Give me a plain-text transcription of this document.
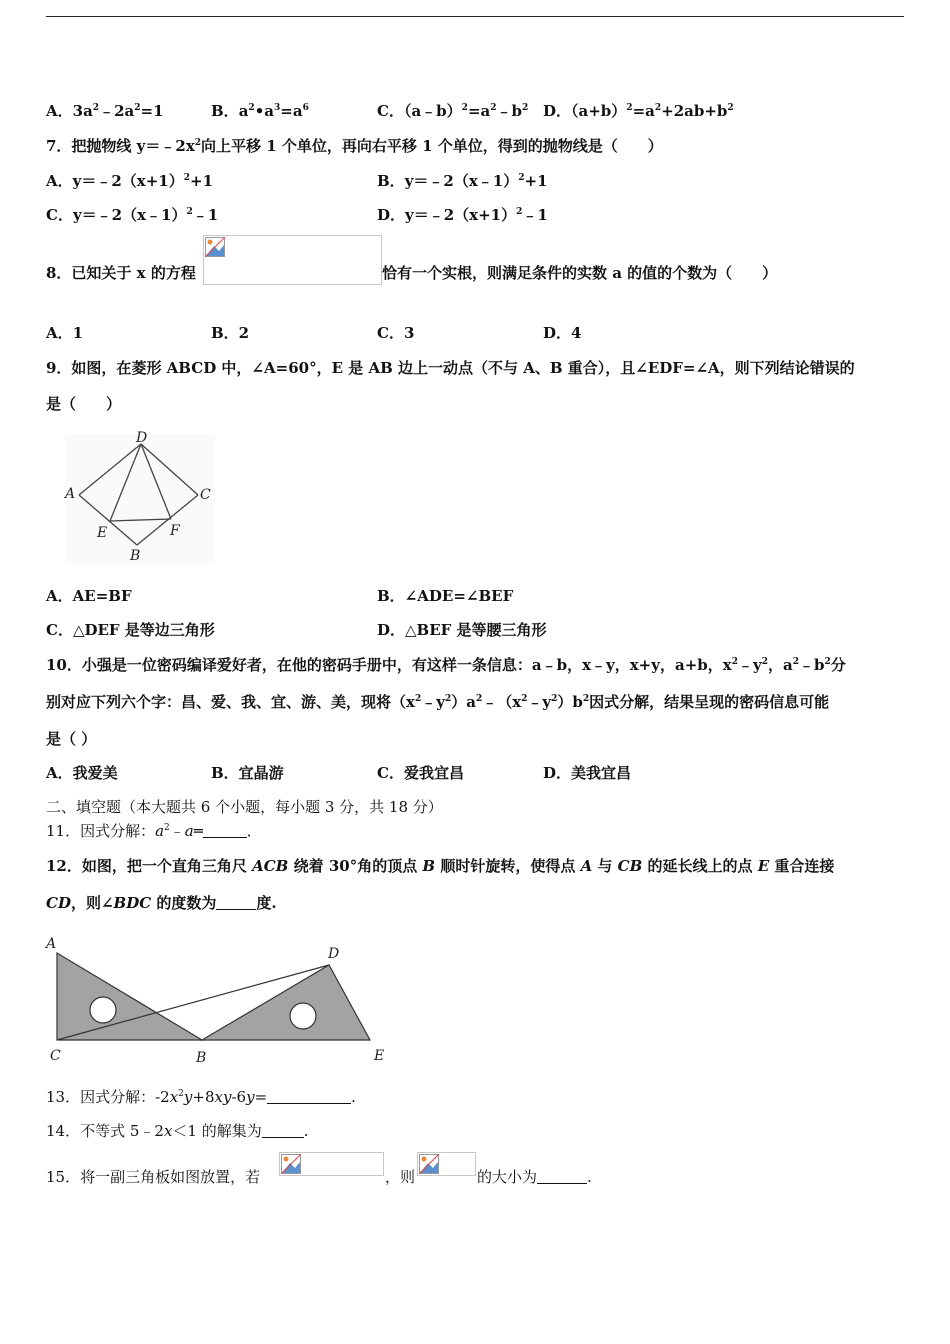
A．$3a^2﹣2a^2=1$	B．$a^2•a^3=a^6$	C．$(a﹣b)^2=a^2﹣b^2$ D．$(a+b)^2=a^2+2ab+b^2$
7．把抛物线 $y=﹣2x^2$向上平移 1 个单位，再向右平移 1 个单位，得到的抛物线是（　　）
A．$y=﹣2(x+1)^2+1$	B．y＝﹣2（x﹣1）$^2$+1
C．y＝﹣2（x﹣1）$^2$﹣1	D．$y=﹣2(x+1)^2﹣1$
8．已知关于 x 的方程	恰有一个实根，则满足条件的实数 a 的值的个数为（　　）
A．1	B．2	C．3	D．4
9．如图，在菱形 ABCD 中，∠A=60°，E 是 AB 边上一动点（不与 A、B 重合），且∠EDF=∠A，则下列结论错误的
是（　　）
D
A	C
E	F
B
A．AE=BF	B．∠ADE=∠BEF
C．△DEF 是等边三角形	D．△BEF 是等腰三角形
10．小强是一位密码编译爱好者，在他的密码手册中，有这样一条信息：a﹣b，x﹣y，x+y，a+b，$x^2﹣y^2$，$a^2﹣b^2$分
别对应下列六个字：昌、爱、我、宜、游、美，现将$(x^2﹣y^2)a^2﹣(x^2﹣y^2)b^2$因式分解，结果呈现的密码信息可能
是（ ）
A．我爱美	B．宜晶游	C．爱我宜昌	D．美我宜昌
二、填空题（本大题共 6 个小题，每小题 3 分，共 18 分）
11．因式分解：$a^2﹣a═$	．
12．如图，把一个直角三角尺 ACB 绕着 30°角的顶点 B 顺时针旋转，使得点 A 与 CB 的延长线上的点 E 重合连接
CD，则∠BDC 的度数为	度.
A
D
C	B	E
13．因式分解：$-2x^2y+8xy-6y=$	.
14．不等式 5﹣2x＜1 的解集为	.
15．将一副三角板如图放置，若	，则	的大小为	.
